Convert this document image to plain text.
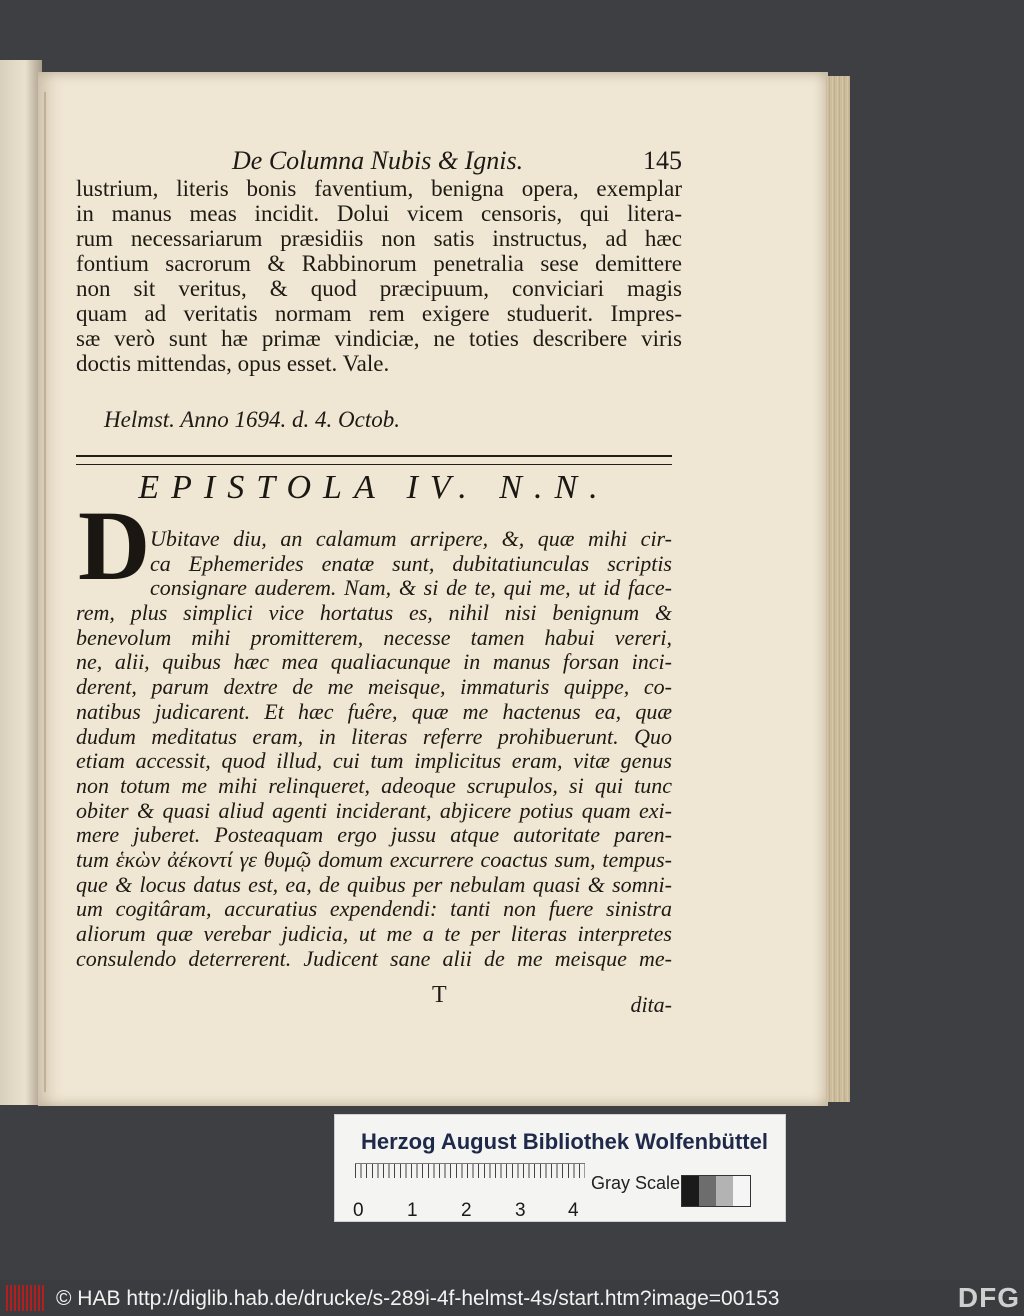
De Columna Nubis & Ignis.	145
lustrium, literis bonis faventium, benigna opera, exemplar
in manus meas incidit. Dolui vicem censoris, qui litera-
rum necessariarum præsidiis non satis instructus, ad hæc
fontium sacrorum & Rabbinorum penetralia sese demittere
non sit veritus, & quod præcipuum, conviciari magis
quam ad veritatis normam rem exigere studuerit. Impres-
sæ verò sunt hæ primæ vindiciæ, ne toties describere viris
doctis mittendas, opus esset. Vale.
Helmst. Anno 1694. d. 4. Octob.
EPISTOLA IV. N.N.
D Ubitave diu, an calamum arripere, &, quæ mihi cir-
ca Ephemerides enatæ sunt, dubitatiunculas scriptis
consignare auderem. Nam, & si de te, qui me, ut id face-
rem, plus simplici vice hortatus es, nihil nisi benignum &
benevolum mihi promitterem, necesse tamen habui vereri,
ne, alii, quibus hæc mea qualiacunque in manus forsan inci-
derent, parum dextre de me meisque, immaturis quippe, co-
natibus judicarent. Et hæc fuêre, quæ me hactenus ea, quæ
dudum meditatus eram, in literas referre prohibuerunt. Quo
etiam accessit, quod illud, cui tum implicitus eram, vitæ genus
non totum me mihi relinqueret, adeoque scrupulos, si qui tunc
obiter & quasi aliud agenti inciderant, abjicere potius quam exi-
mere juberet. Posteaquam ergo jussu atque autoritate paren-
tum ἑκὼν ἀέκοντί γε θυμῷ domum excurrere coactus sum, tempus-
que & locus datus est, ea, de quibus per nebulam quasi & somni-
um cogitâram, accuratius expendendi: tanti non fuere sinistra
aliorum quæ verebar judicia, ut me a te per literas interpretes
consulendo deterrerent. Judicent sane alii de me meisque me-
T	dita-
Herzog August Bibliothek Wolfenbüttel
Gray Scale
0 1 2 3 4
© HAB http://diglib.hab.de/drucke/s-289i-4f-helmst-4s/start.htm?image=00153	DFG
